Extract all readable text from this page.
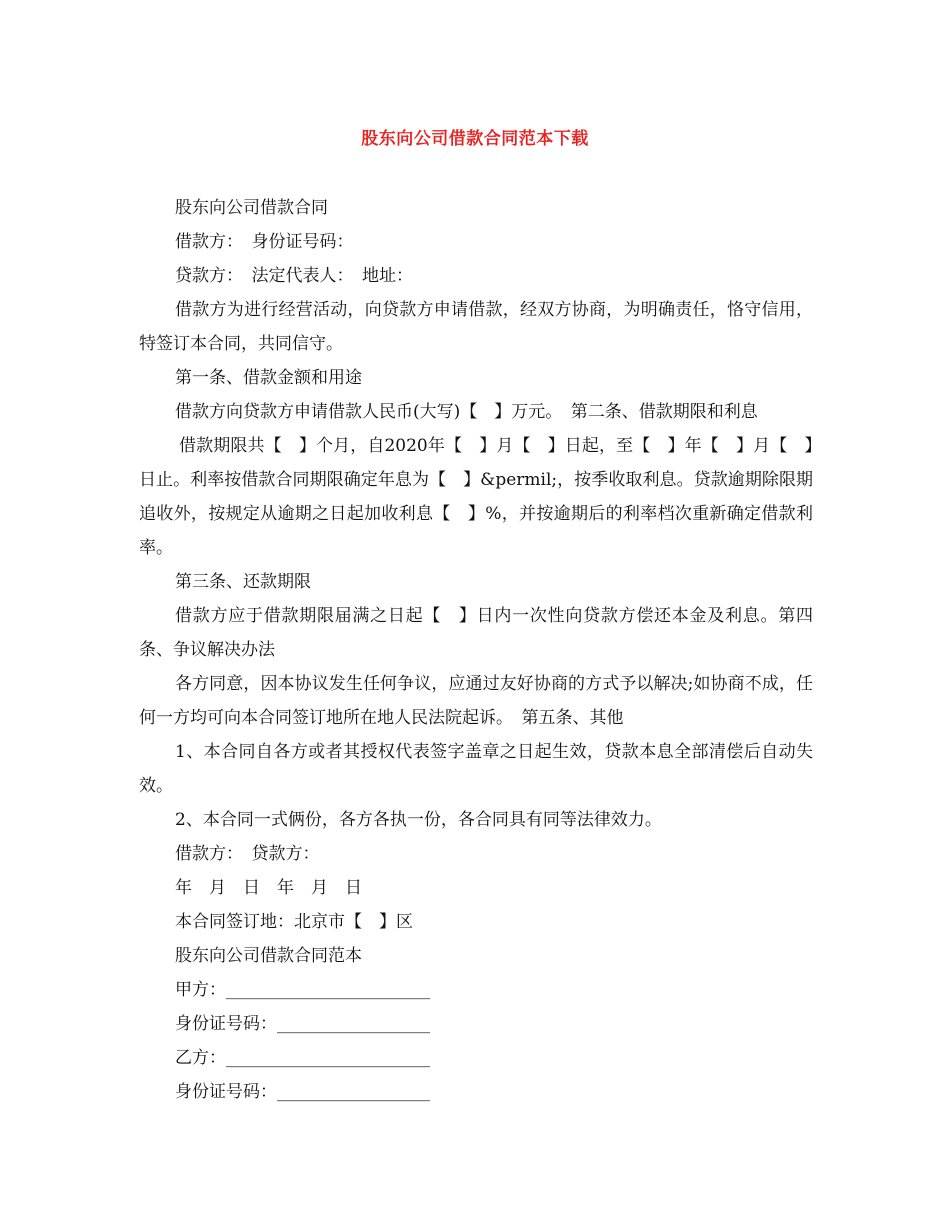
股东向公司借款合同范本下载

股东向公司借款合同

借款方：　身份证号码：

贷款方：　法定代表人：　地址：

借款方为进行经营活动，向贷款方申请借款，经双方协商，为明确责任，恪守信用，特签订本合同，共同信守。

第一条、借款金额和用途

借款方向贷款方申请借款人民币(大写)【　】万元。　第二条、借款期限和利息

借款期限共【　】个月，自2020年【　】月【　】日起，至【　】年【　】月【　】日止。利率按借款合同期限确定年息为【　】&permil;，按季收取利息。贷款逾期除限期追收外，按规定从逾期之日起加收利息【　】%，并按逾期后的利率档次重新确定借款利率。

第三条、还款期限

借款方应于借款期限届满之日起【　】日内一次性向贷款方偿还本金及利息。第四条、争议解决办法

各方同意，因本协议发生任何争议，应通过友好协商的方式予以解决;如协商不成，任何一方均可向本合同签订地所在地人民法院起诉。　第五条、其他

1、本合同自各方或者其授权代表签字盖章之日起生效，贷款本息全部清偿后自动失效。

2、本合同一式俩份，各方各执一份，各合同具有同等法律效力。

借款方：　贷款方：

年　月　日　年　月　日

本合同签订地：北京市【　】区

股东向公司借款合同范本

甲方：________________________

身份证号码：__________________

乙方：________________________

身份证号码：__________________
